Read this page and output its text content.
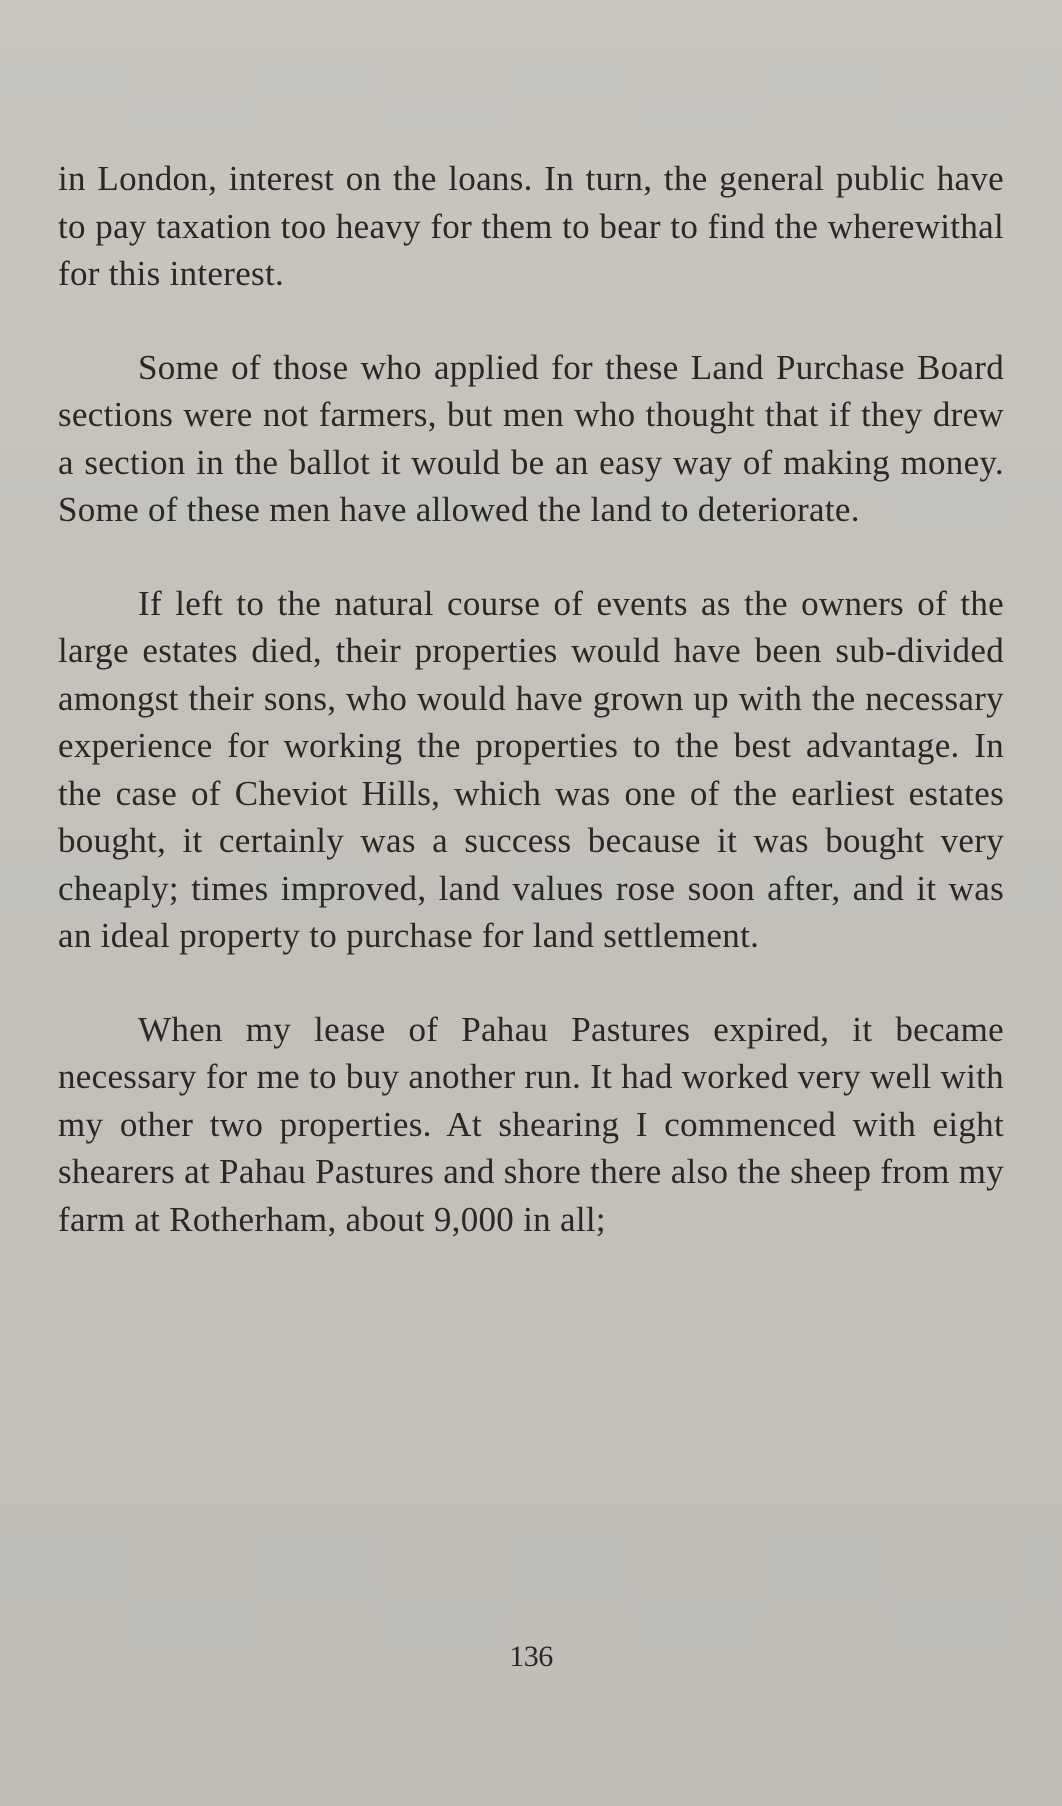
in London, interest on the loans. In turn, the general public have to pay taxation too heavy for them to bear to find the wherewithal for this interest.

Some of those who applied for these Land Purchase Board sections were not farmers, but men who thought that if they drew a section in the ballot it would be an easy way of making money. Some of these men have allowed the land to deteriorate.

If left to the natural course of events as the owners of the large estates died, their properties would have been sub-divided amongst their sons, who would have grown up with the necessary experience for working the properties to the best advantage. In the case of Cheviot Hills, which was one of the earliest estates bought, it certainly was a success because it was bought very cheaply; times improved, land values rose soon after, and it was an ideal property to purchase for land settlement.

When my lease of Pahau Pastures expired, it became necessary for me to buy another run. It had worked very well with my other two properties. At shearing I commenced with eight shearers at Pahau Pastures and shore there also the sheep from my farm at Rotherham, about 9,000 in all;

136
